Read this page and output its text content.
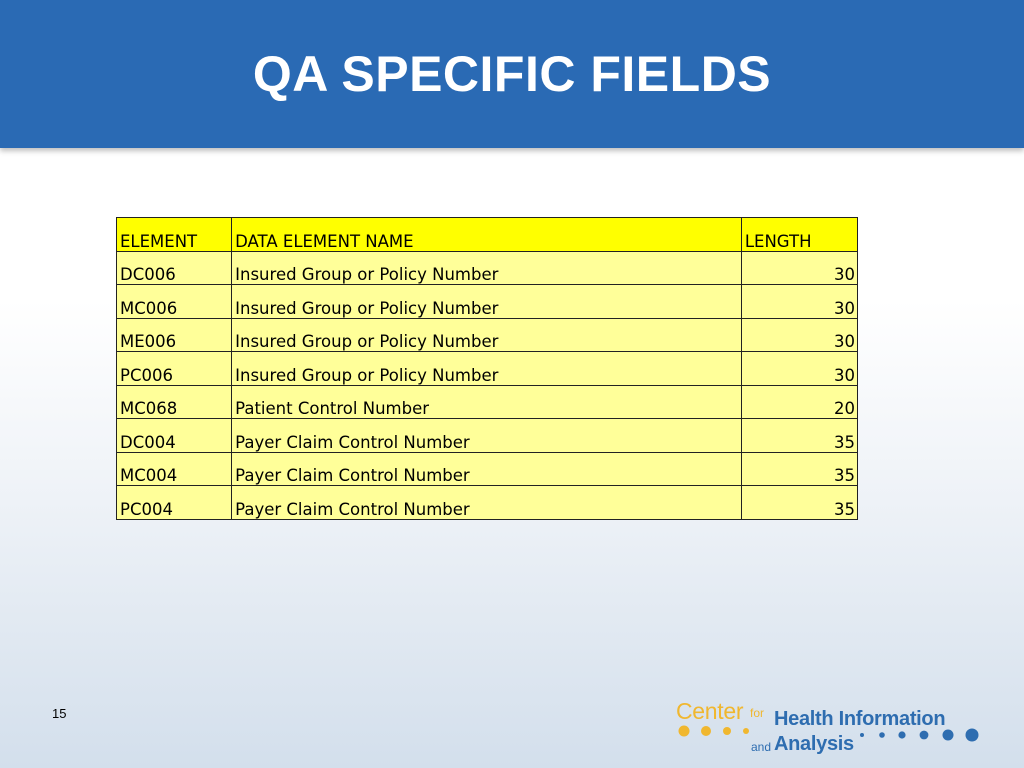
QA SPECIFIC FIELDS
ELEMENT	DATA ELEMENT NAME	LENGTH
DC006	Insured Group or Policy Number	30
MC006	Insured Group or Policy Number	30
ME006	Insured Group or Policy Number	30
PC006	Insured Group or Policy Number	30
MC068	Patient Control Number	20
DC004	Payer Claim Control Number	35
MC004	Payer Claim Control Number	35
PC004	Payer Claim Control Number	35
15	Center for Health Information
and Analysis
